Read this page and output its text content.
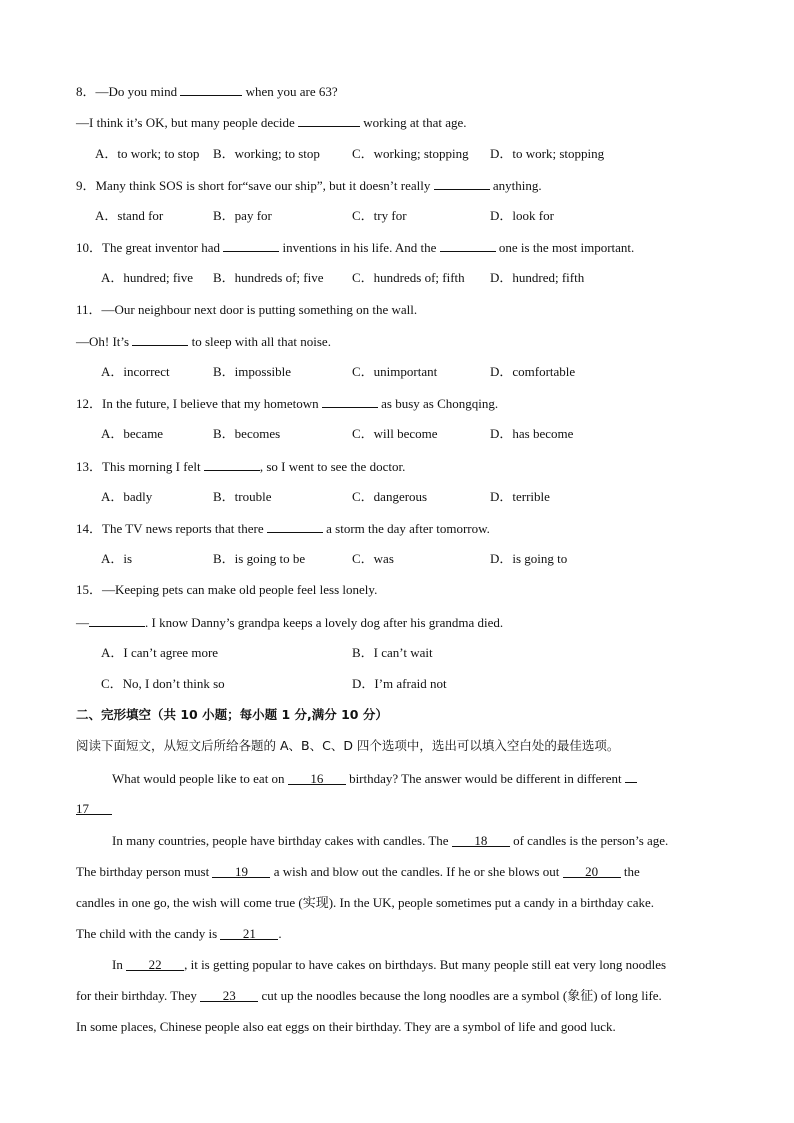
8．—Do you mind	when you are 63?
—I think it’s OK, but many people decide	working at that age.
A．to work; to stop B．working; to stop C．working; stopping D．to work; stopping
9．Many think SOS is short for“save our ship”, but it doesn’t really	anything.
A．stand for	B．pay for	C．try for	D．look for
10．The great inventor had	inventions in his life. And the	one is the most important.
A．hundred; five B．hundreds of; five C．hundreds of; fifth D．hundred; fifth
11．—Our neighbour next door is putting something on the wall.
—Oh! It’s	to sleep with all that noise.
A．incorrect	B．impossible	C．unimportant	D．comfortable
12．In the future, I believe that my hometown	as busy as Chongqing.
A．became	B．becomes	C．will become	D．has become
13．This morning I felt	, so I went to see the doctor.
A．badly	B．trouble	C．dangerous	D．terrible
14．The TV news reports that there	a storm the day after tomorrow.
A．is	B．is going to be	C．was	D．is going to
15．—Keeping pets can make old people feel less lonely.
—	. I know Danny’s grandpa keeps a lovely dog after his grandma died.
A．I can’t agree more	B．I can’t wait
C．No, I don’t think so	D．I’m afraid not
二、完形填空（共 10 小题；每小题 1 分,满分 10 分）
阅读下面短文，从短文后所给各题的 A、B、C、D 四个选项中，选出可以填入空白处的最佳选项。
What would people like to eat on 16 birthday? The answer would be different in different
17
In many countries, people have birthday cakes with candles. The 18 of candles is the person’s age.
The birthday person must 19 a wish and blow out the candles. If he or she blows out 20 the
candles in one go, the wish will come true (实现). In the UK, people sometimes put a candy in a birthday cake.
The child with the candy is 21 .
In 22 , it is getting popular to have cakes on birthdays. But many people still eat very long noodles
for their birthday. They 23 cut up the noodles because the long noodles are a symbol (象征) of long life.
In some places, Chinese people also eat eggs on their birthday. They are a symbol of life and good luck.
